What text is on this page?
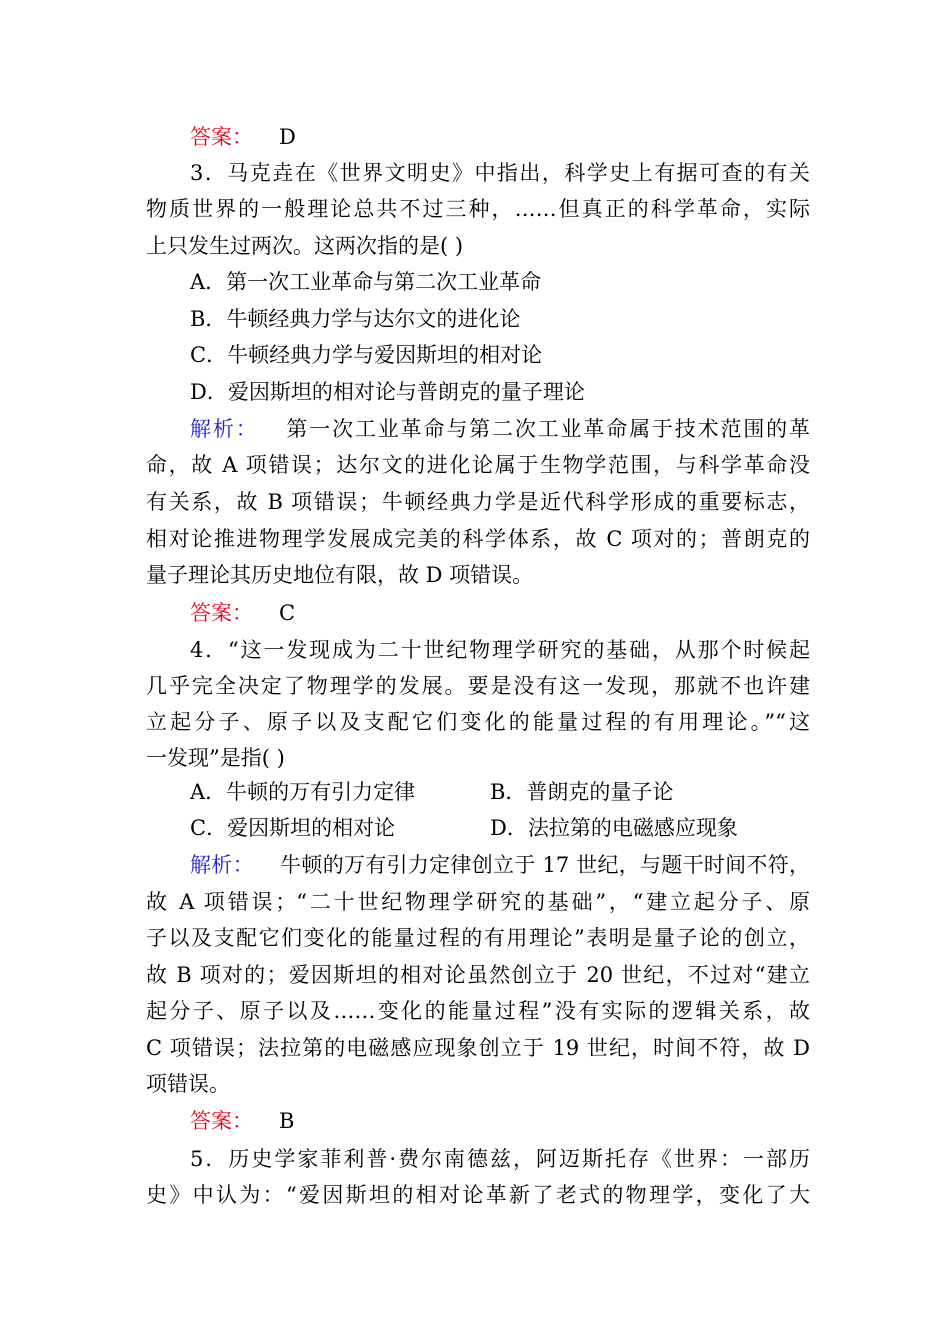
答案： D
3．马克垚在《世界文明史》中指出，科学史上有据可查的有关
物质世界的一般理论总共不过三种，……但真正的科学革命，实际
上只发生过两次。这两次指的是( )
A．第一次工业革命与第二次工业革命
B．牛顿经典力学与达尔文的进化论
C．牛顿经典力学与爱因斯坦的相对论
D．爱因斯坦的相对论与普朗克的量子理论
解析： 第一次工业革命与第二次工业革命属于技术范围的革
命，故 A 项错误；达尔文的进化论属于生物学范围，与科学革命没
有关系，故 B 项错误；牛顿经典力学是近代科学形成的重要标志，
相对论推进物理学发展成完美的科学体系，故 C 项对的；普朗克的
量子理论其历史地位有限，故 D 项错误。
答案： C
4．“这一发现成为二十世纪物理学研究的基础，从那个时候起
几乎完全决定了物理学的发展。要是没有这一发现，那就不也许建
立起分子、原子以及支配它们变化的能量过程的有用理论。”“这
一发现”是指( )
A．牛顿的万有引力定律	B．普朗克的量子论
C．爱因斯坦的相对论	D．法拉第的电磁感应现象
解析： 牛顿的万有引力定律创立于 17 世纪，与题干时间不符，
故 A 项错误；“二十世纪物理学研究的基础”，“建立起分子、原
子以及支配它们变化的能量过程的有用理论”表明是量子论的创立，
故 B 项对的；爱因斯坦的相对论虽然创立于 20 世纪，不过对“建立
起分子、原子以及……变化的能量过程”没有实际的逻辑关系，故
C 项错误；法拉第的电磁感应现象创立于 19 世纪，时间不符，故 D
项错误。
答案： B
5．历史学家菲利普·费尔南德兹，阿迈斯托存《世界：一部历
史》中认为：“爱因斯坦的相对论革新了老式的物理学，变化了大
